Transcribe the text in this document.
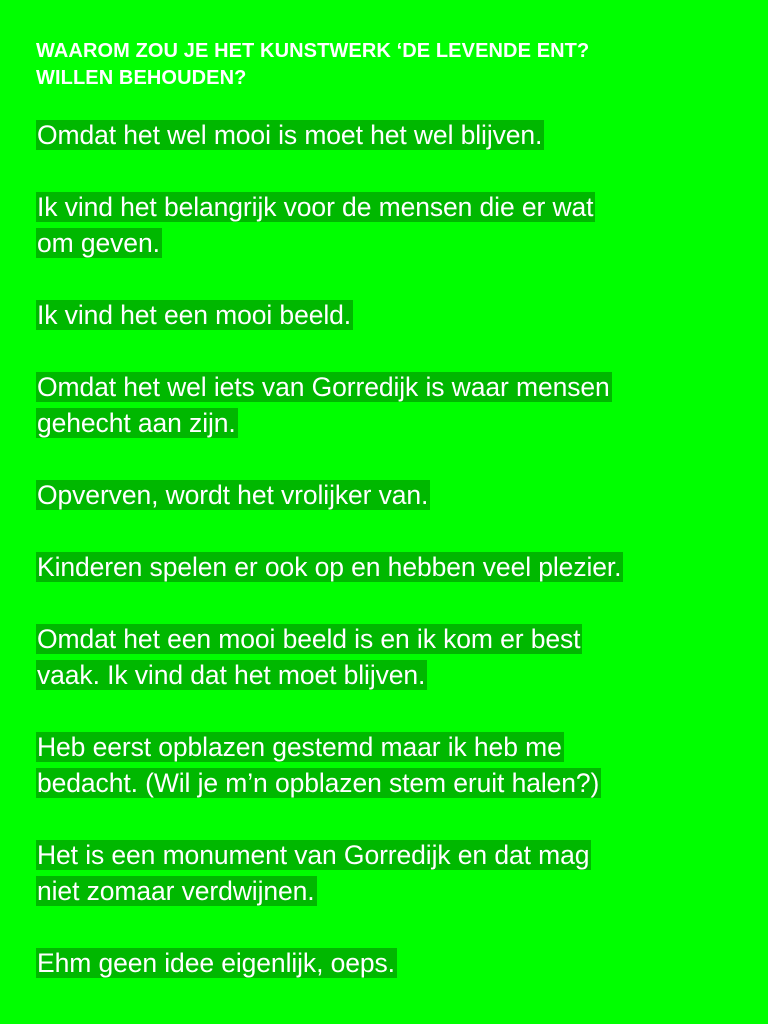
WAAROM ZOU JE HET KUNSTWERK ‘DE LEVENDE ENT?
WILLEN BEHOUDEN?
Omdat het wel mooi is moet het wel blijven.
Ik vind het belangrijk voor de mensen die er wat
om geven.
Ik vind het een mooi beeld.
Omdat het wel iets van Gorredijk is waar mensen
gehecht aan zijn.
Opverven, wordt het vrolijker van.
Kinderen spelen er ook op en hebben veel plezier.
Omdat het een mooi beeld is en ik kom er best
vaak. Ik vind dat het moet blijven.
Heb eerst opblazen gestemd maar ik heb me
bedacht. (Wil je m’n opblazen stem eruit halen?)
Het is een monument van Gorredijk en dat mag
niet zomaar verdwijnen.
Ehm geen idee eigenlijk, oeps.
